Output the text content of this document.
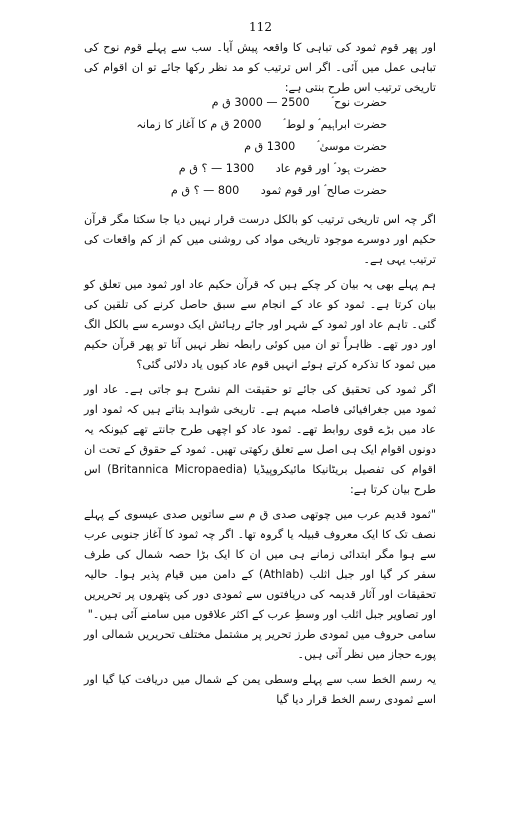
112

اور پھر قوم ثمود کی تباہی کا واقعہ پیش آیا۔ سب سے پہلے قوم نوح کی تباہی عمل میں آئی۔ اگر اس ترتیب کو مد نظر رکھا جائے تو ان اقوام کی تاریخی ترتیب اس طرح بنتی ہے:

حضرت نوح ؑ 2500 — 3000 ق م
حضرت ابراہیم ؑ و لوط ؑ 2000 ق م کا آغاز کا زمانہ
حضرت موسیٰ ؑ 1300 ق م
حضرت ہود ؑ اور قوم عاد 1300 — ؟ ق م
حضرت صالح ؑ اور قوم ثمود 800 — ؟ ق م

اگر چہ اس تاریخی ترتیب کو بالکل درست قرار نہیں دیا جا سکتا مگر قرآن حکیم اور دوسرے موجود تاریخی مواد کی روشنی میں کم از کم واقعات کی ترتیب یہی ہے۔

ہم پہلے بھی یہ بیان کر چکے ہیں کہ قرآن حکیم عاد اور ثمود میں تعلق کو بیان کرتا ہے۔ ثمود کو عاد کے انجام سے سبق حاصل کرنے کی تلقین کی گئی۔ تاہم عاد اور ثمود کے شہر اور جائے رہائش ایک دوسرے سے بالکل الگ اور دور تھے۔ ظاہراً تو ان میں کوئی رابطہ نظر نہیں آتا تو پھر قرآن حکیم میں ثمود کا تذکرہ کرتے ہوئے انہیں قوم عاد کیوں یاد دلائی گئی؟

اگر ثمود کی تحقیق کی جائے تو حقیقت الم نشرح ہو جاتی ہے۔ عاد اور ثمود میں جغرافیائی فاصلہ مبہم ہے۔ تاریخی شواہد بتاتے ہیں کہ ثمود اور عاد میں بڑے قوی روابط تھے۔ ثمود عاد کو اچھی طرح جانتے تھے کیونکہ یہ دونوں اقوام ایک ہی اصل سے تعلق رکھتی تھیں۔ ثمود کے حقوق کے تحت ان اقوام کی تفصیل بریٹانیکا مائیکروپیڈیا (Britannica Micropaedia) اس طرح بیان کرتا ہے:

"ثمود قدیم عرب میں چوتھی صدی ق م سے ساتویں صدی عیسوی کے پہلے نصف تک کا ایک معروف قبیلہ یا گروہ تھا۔ اگر چہ ثمود کا آغاز جنوبی عرب سے ہوا مگر ابتدائی زمانے ہی میں ان کا ایک بڑا حصہ شمال کی طرف سفر کر گیا اور جبل اثلب (Athlab) کے دامن میں قیام پذیر ہوا۔ حالیہ تحقیقات اور آثار قدیمہ کی دریافتوں سے ثمودی دور کی پتھروں پر تحریریں اور تصاویر جبل اثلب اور وسطِ عرب کے اکثر علاقوں میں سامنے آئی ہیں۔"

سامی حروف میں ثمودی طرز تحریر پر مشتمل مختلف تحریریں شمالی اور پورے حجاز میں نظر آتی ہیں۔

یہ رسم الخط سب سے پہلے وسطی یمن کے شمال میں دریافت کیا گیا اور اسے ثمودی رسم الخط قرار دیا گیا
